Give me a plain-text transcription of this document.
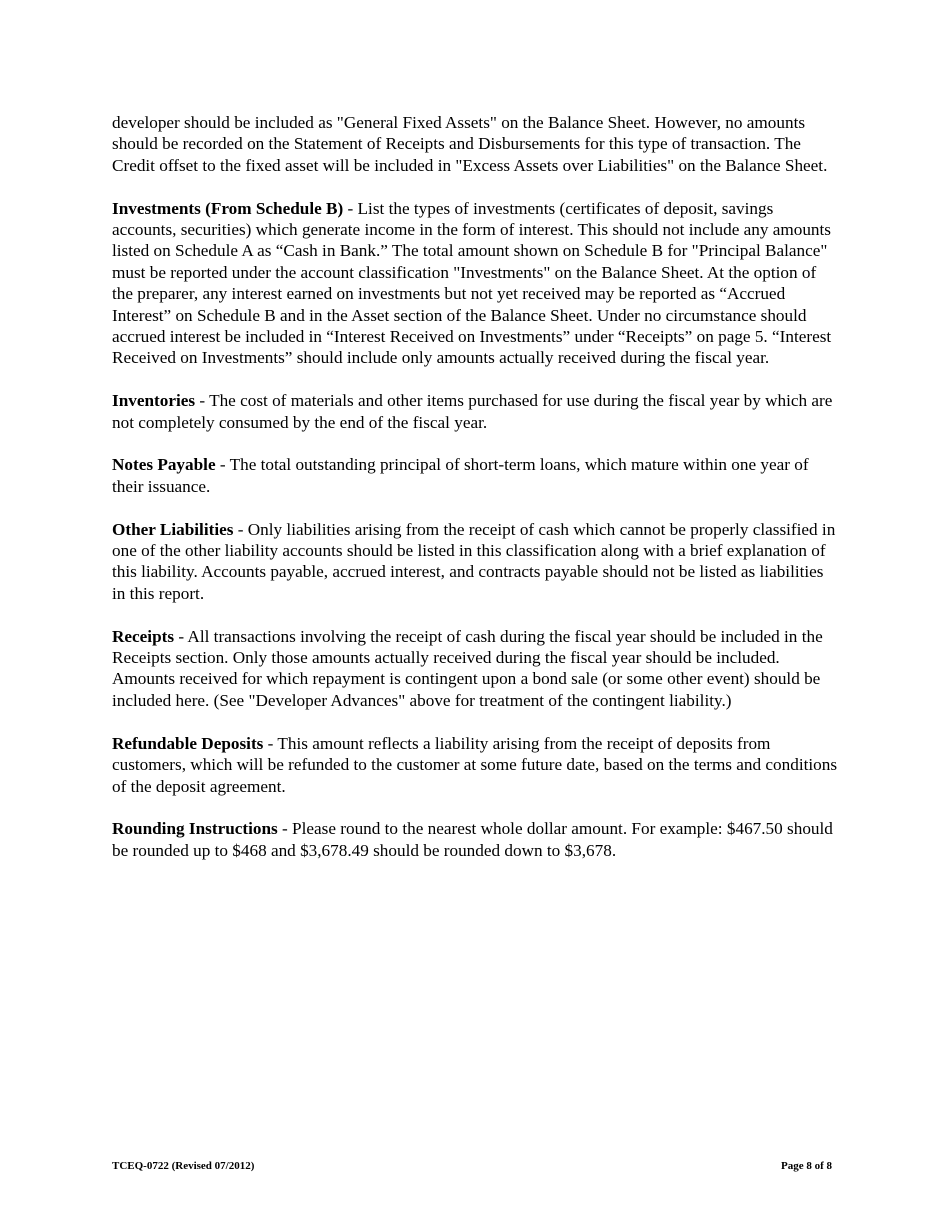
developer should be included as "General Fixed Assets" on the Balance Sheet. However, no amounts should be recorded on the Statement of Receipts and Disbursements for this type of transaction. The Credit offset to the fixed asset will be included in "Excess Assets over Liabilities" on the Balance Sheet.

Investments (From Schedule B) - List the types of investments (certificates of deposit, savings accounts, securities) which generate income in the form of interest. This should not include any amounts listed on Schedule A as “Cash in Bank.” The total amount shown on Schedule B for "Principal Balance" must be reported under the account classification "Investments" on the Balance Sheet. At the option of the preparer, any interest earned on investments but not yet received may be reported as “Accrued Interest” on Schedule B and in the Asset section of the Balance Sheet. Under no circumstance should accrued interest be included in “Interest Received on Investments” under “Receipts” on page 5. “Interest Received on Investments” should include only amounts actually received during the fiscal year.

Inventories - The cost of materials and other items purchased for use during the fiscal year by which are not completely consumed by the end of the fiscal year.

Notes Payable - The total outstanding principal of short-term loans, which mature within one year of their issuance.

Other Liabilities - Only liabilities arising from the receipt of cash which cannot be properly classified in one of the other liability accounts should be listed in this classification along with a brief explanation of this liability. Accounts payable, accrued interest, and contracts payable should not be listed as liabilities in this report.

Receipts - All transactions involving the receipt of cash during the fiscal year should be included in the Receipts section. Only those amounts actually received during the fiscal year should be included. Amounts received for which repayment is contingent upon a bond sale (or some other event) should be included here. (See "Developer Advances" above for treatment of the contingent liability.)

Refundable Deposits - This amount reflects a liability arising from the receipt of deposits from customers, which will be refunded to the customer at some future date, based on the terms and conditions of the deposit agreement.

Rounding Instructions - Please round to the nearest whole dollar amount. For example: $467.50 should be rounded up to $468 and $3,678.49 should be rounded down to $3,678.

TCEQ-0722 (Revised 07/2012)	Page 8 of 8
